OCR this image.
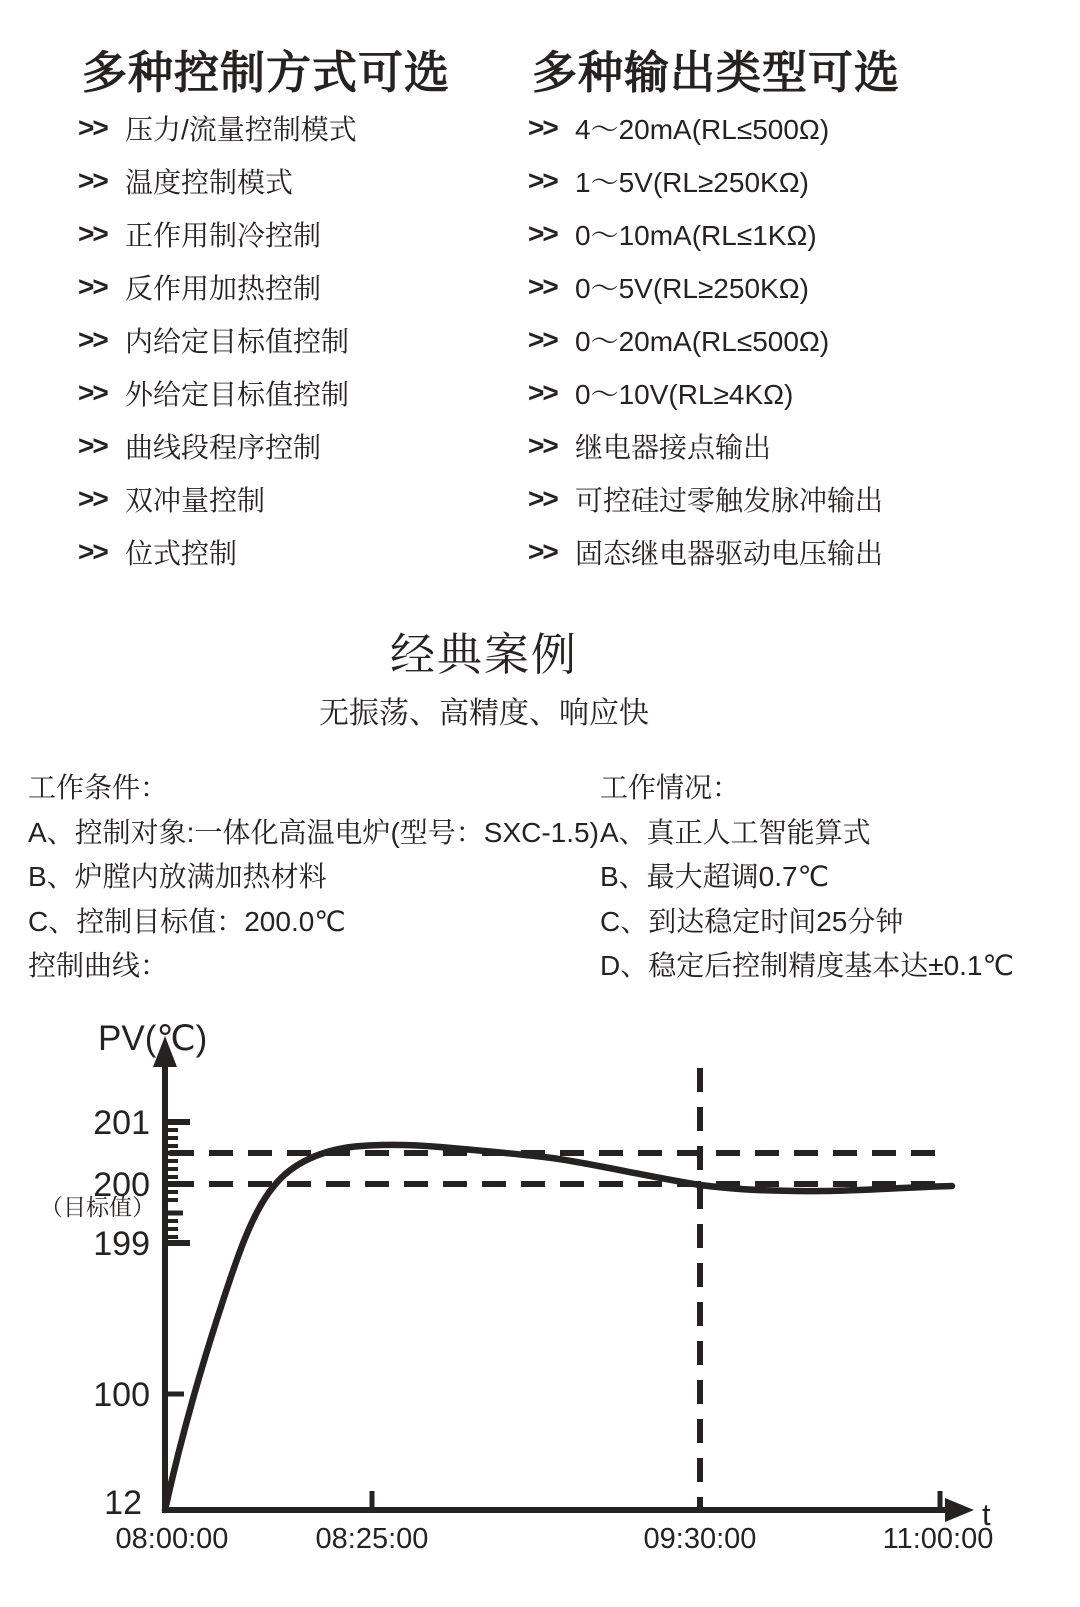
多种控制方式可选
>> 压力/流量控制模式
>> 温度控制模式
>> 正作用制冷控制
>> 反作用加热控制
>> 内给定目标值控制
>> 外给定目标值控制
>> 曲线段程序控制
>> 双冲量控制
>> 位式控制
多种输出类型可选
>> 4～20mA(RL≤500Ω)
>> 1～5V(RL≥250KΩ)
>> 0～10mA(RL≤1KΩ)
>> 0～5V(RL≥250KΩ)
>> 0～20mA(RL≤500Ω)
>> 0～10V(RL≥4KΩ)
>> 继电器接点输出
>> 可控硅过零触发脉冲输出
>> 固态继电器驱动电压输出
经典案例

无振荡、高精度、响应快

工作条件：
A、控制对象:一体化高温电炉(型号：SXC-1.5)
B、炉膛内放满加热材料
C、控制目标值：200.0℃
控制曲线：
工作情况：
A、真正人工智能算式
B、最大超调0.7℃
C、到达稳定时间25分钟
D、稳定后控制精度基本达±0.1℃
PV(℃)
t
201
200
（目标值）
199
100
12
08:00:00	08:25:00	09:30:00	11:00:00
